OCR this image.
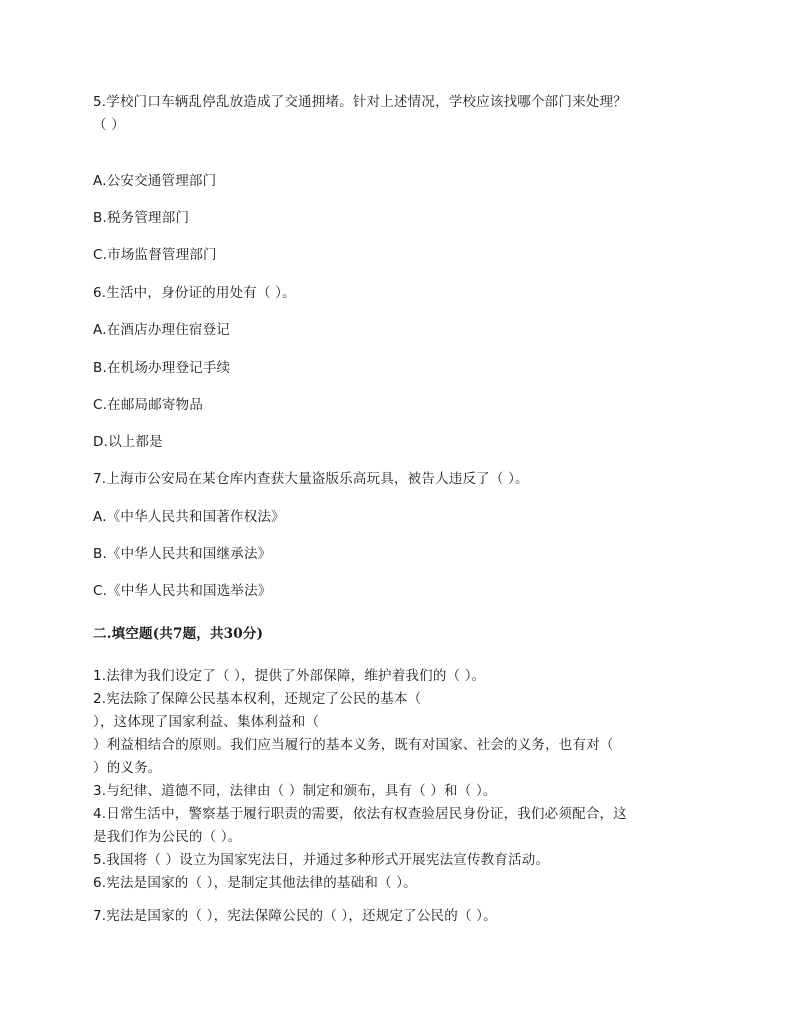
5.学校门口车辆乱停乱放造成了交通拥堵。针对上述情况，学校应该找哪个部门来处理？
（ ）
A.公安交通管理部门
B.税务管理部门
C.市场监督管理部门
6.生活中，身份证的用处有（ ）。
A.在酒店办理住宿登记
B.在机场办理登记手续
C.在邮局邮寄物品
D.以上都是
7.上海市公安局在某仓库内查获大量盗版乐高玩具，被告人违反了（ ）。
A.《中华人民共和国著作权法》
B.《中华人民共和国继承法》
C.《中华人民共和国选举法》
二.填空题(共7题，共30分)
1.法律为我们设定了（ ），提供了外部保障，维护着我们的（ ）。
2.宪法除了保障公民基本权利，还规定了公民的基本（
），这体现了国家利益、集体利益和（
）利益相结合的原则。我们应当履行的基本义务，既有对国家、社会的义务，也有对（
）的义务。
3.与纪律、道德不同，法律由（ ）制定和颁布，具有（ ）和（ ）。
4.日常生活中，警察基于履行职责的需要，依法有权查验居民身份证，我们必须配合，这
是我们作为公民的（ ）。
5.我国将（ ）设立为国家宪法日，并通过多种形式开展宪法宣传教育活动。
6.宪法是国家的（ ），是制定其他法律的基础和（ ）。
7.宪法是国家的（ ），宪法保障公民的（ ），还规定了公民的（ ）。
